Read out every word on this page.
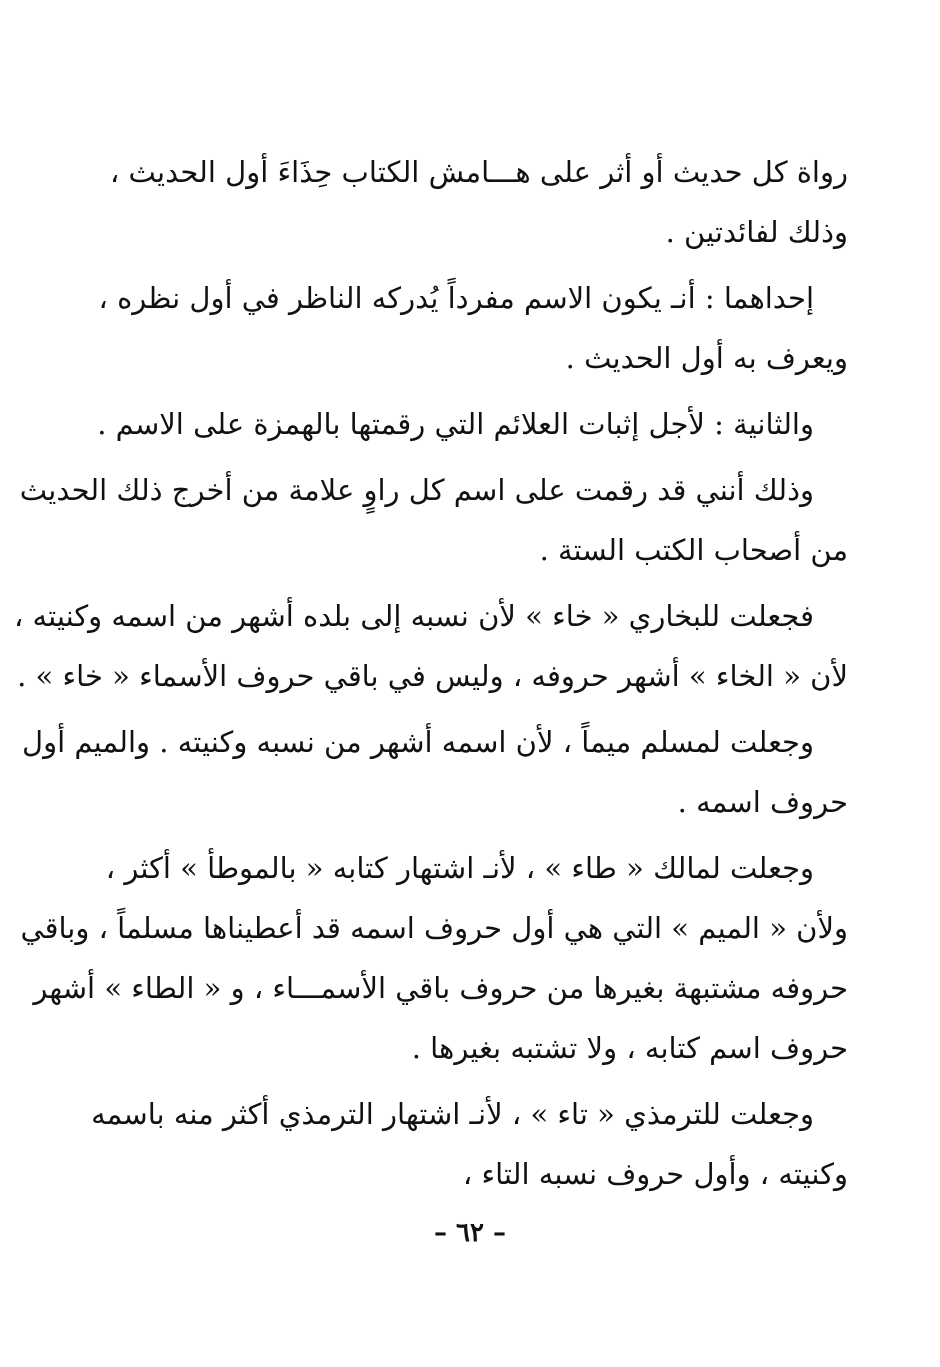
رواة كل حديث أو أثر على هـــامش الكتاب حِذَاءَ أول الحديث ،
وذلك لفائدتين .

إحداهما : أنـ يكون الاسم مفرداً يُدركه الناظر في أول نظره ،
ويعرف به أول الحديث .

والثانية : لأجل إثبات العلائم التي رقمتها بالهمزة على الاسم .

وذلك أنني قد رقمت على اسم كل راوٍ علامة من أخرج ذلك الحديث
من أصحاب الكتب الستة .

فجعلت للبخاري « خاء » لأن نسبه إلى بلده أشهر من اسمه وكنيته ،
لأن « الخاء » أشهر حروفه ، وليس في باقي حروف الأسماء « خاء » .

وجعلت لمسلم ميماً ، لأن اسمه أشهر من نسبه وكنيته . والميم أول
حروف اسمه .

وجعلت لمالك « طاء » ، لأنـ اشتهار كتابه « بالموطأ » أكثر ،
ولأن « الميم » التي هي أول حروف اسمه قد أعطيناها مسلماً ، وباقي
حروفه مشتبهة بغيرها من حروف باقي الأسمـــاء ، و « الطاء » أشهر
حروف اسم كتابه ، ولا تشتبه بغيرها .

وجعلت للترمذي « تاء » ، لأنـ اشتهار الترمذي أكثر منه باسمه
وكنيته ، وأول حروف نسبه التاء ،

– ٦٢ –
